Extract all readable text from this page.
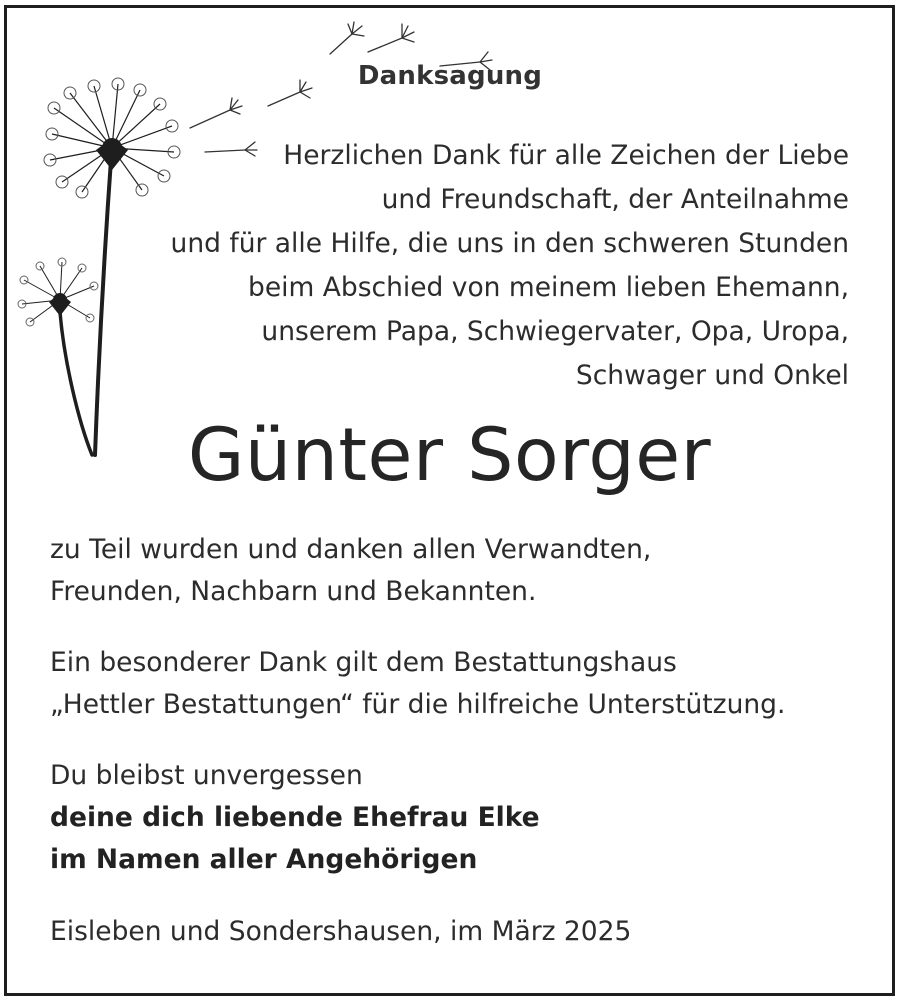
Danksagung
Herzlichen Dank für alle Zeichen der Liebe
und Freundschaft, der Anteilnahme
und für alle Hilfe, die uns in den schweren Stunden
beim Abschied von meinem lieben Ehemann,
unserem Papa, Schwiegervater, Opa, Uropa,
Schwager und Onkel
Günter Sorger
zu Teil wurden und danken allen Verwandten,
Freunden, Nachbarn und Bekannten.
Ein besonderer Dank gilt dem Bestattungshaus
„Hettler Bestattungen“ für die hilfreiche Unterstützung.
Du bleibst unvergessen
deine dich liebende Ehefrau Elke
im Namen aller Angehörigen
Eisleben und Sondershausen, im März 2025
